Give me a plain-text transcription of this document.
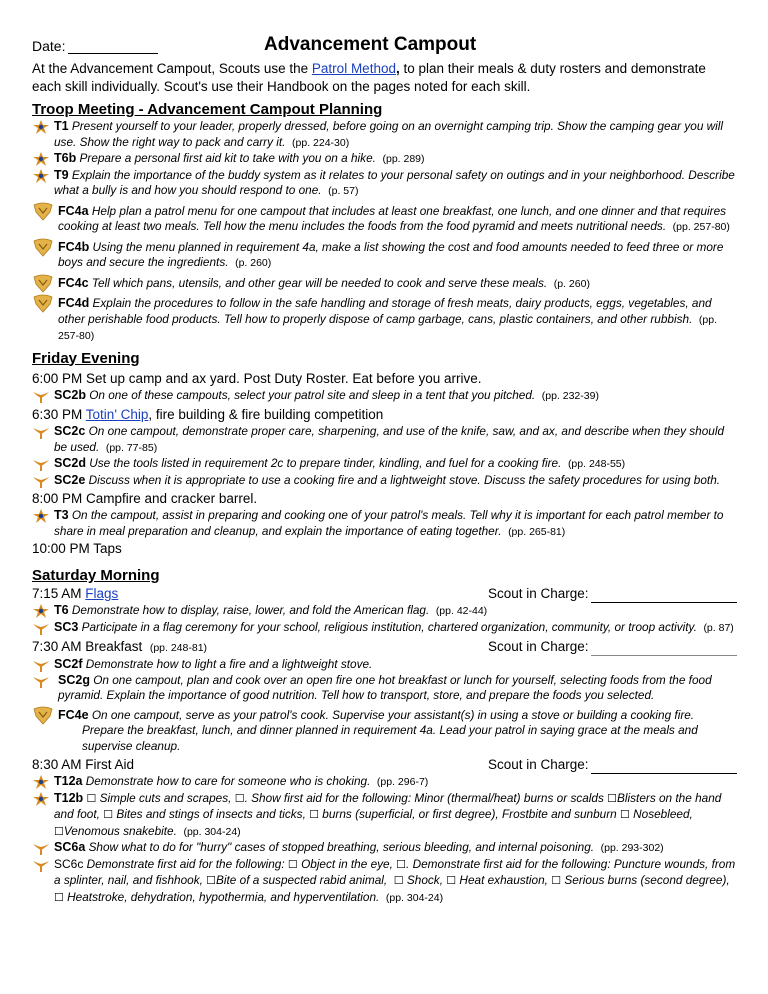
Date:	Advancement Campout
At the Advancement Campout, Scouts use the Patrol Method, to plan their meals & duty rosters and demonstrate each skill individually. Scout's use their Handbook on the pages noted for each skill.
Troop Meeting - Advancement Campout Planning
T1 Present yourself to your leader, properly dressed, before going on an overnight camping trip. Show the camping gear you will use. Show the right way to pack and carry it. (pp. 224-30)
T6b Prepare a personal first aid kit to take with you on a hike. (pp. 289)
T9 Explain the importance of the buddy system as it relates to your personal safety on outings and in your neighborhood. Describe what a bully is and how you should respond to one. (p. 57)
FC4a Help plan a patrol menu for one campout that includes at least one breakfast, one lunch, and one dinner and that requires cooking at least two meals. Tell how the menu includes the foods from the food pyramid and meets nutritional needs. (pp. 257-80)
FC4b Using the menu planned in requirement 4a, make a list showing the cost and food amounts needed to feed three or more boys and secure the ingredients. (p. 260)
FC4c Tell which pans, utensils, and other gear will be needed to cook and serve these meals. (p. 260)
FC4d Explain the procedures to follow in the safe handling and storage of fresh meats, dairy products, eggs, vegetables, and other perishable food products. Tell how to properly dispose of camp garbage, cans, plastic containers, and other rubbish. (pp. 257-80)
Friday Evening
6:00 PM Set up camp and ax yard. Post Duty Roster. Eat before you arrive.
SC2b On one of these campouts, select your patrol site and sleep in a tent that you pitched. (pp. 232-39)
6:30 PM Totin' Chip, fire building & fire building competition
SC2c On one campout, demonstrate proper care, sharpening, and use of the knife, saw, and ax, and describe when they should be used. (pp. 77-85)
SC2d Use the tools listed in requirement 2c to prepare tinder, kindling, and fuel for a cooking fire. (pp. 248-55)
SC2e Discuss when it is appropriate to use a cooking fire and a lightweight stove. Discuss the safety procedures for using both.
8:00 PM Campfire and cracker barrel.
T3 On the campout, assist in preparing and cooking one of your patrol's meals. Tell why it is important for each patrol member to share in meal preparation and cleanup, and explain the importance of eating together. (pp. 265-81)
10:00 PM Taps
Saturday Morning
7:15 AM Flags	Scout in Charge:
T6 Demonstrate how to display, raise, lower, and fold the American flag. (pp. 42-44)
SC3 Participate in a flag ceremony for your school, religious institution, chartered organization, community, or troop activity. (p. 87)
7:30 AM Breakfast (pp. 248-81)	Scout in Charge:
SC2f Demonstrate how to light a fire and a lightweight stove.
SC2g On one campout, plan and cook over an open fire one hot breakfast or lunch for yourself, selecting foods from the food pyramid. Explain the importance of good nutrition. Tell how to transport, store, and prepare the foods you selected.
FC4e On one campout, serve as your patrol's cook. Supervise your assistant(s) in using a stove or building a cooking fire. Prepare the breakfast, lunch, and dinner planned in requirement 4a. Lead your patrol in saying grace at the meals and supervise cleanup.
8:30 AM First Aid	Scout in Charge:
T12a Demonstrate how to care for someone who is choking. (pp. 296-7)
T12b ☐ Simple cuts and scrapes, ☐. Show first aid for the following: Minor (thermal/heat) burns or scalds ☐Blisters on the hand and foot, ☐ Bites and stings of insects and ticks, ☐ burns (superficial, or first degree), Frostbite and sunburn ☐ Nosebleed,
☐Venomous snakebite. (pp. 304-24)
SC6a Show what to do for "hurry" cases of stopped breathing, serious bleeding, and internal poisoning. (pp. 293-302)
SC6c Demonstrate first aid for the following: ☐ Object in the eye, ☐. Demonstrate first aid for the following: Puncture wounds, from a splinter, nail, and fishhook, ☐Bite of a suspected rabid animal, ☐ Shock, ☐ Heat exhaustion, ☐ Serious burns (second degree),
☐ Heatstroke, dehydration, hypothermia, and hyperventilation. (pp. 304-24)
